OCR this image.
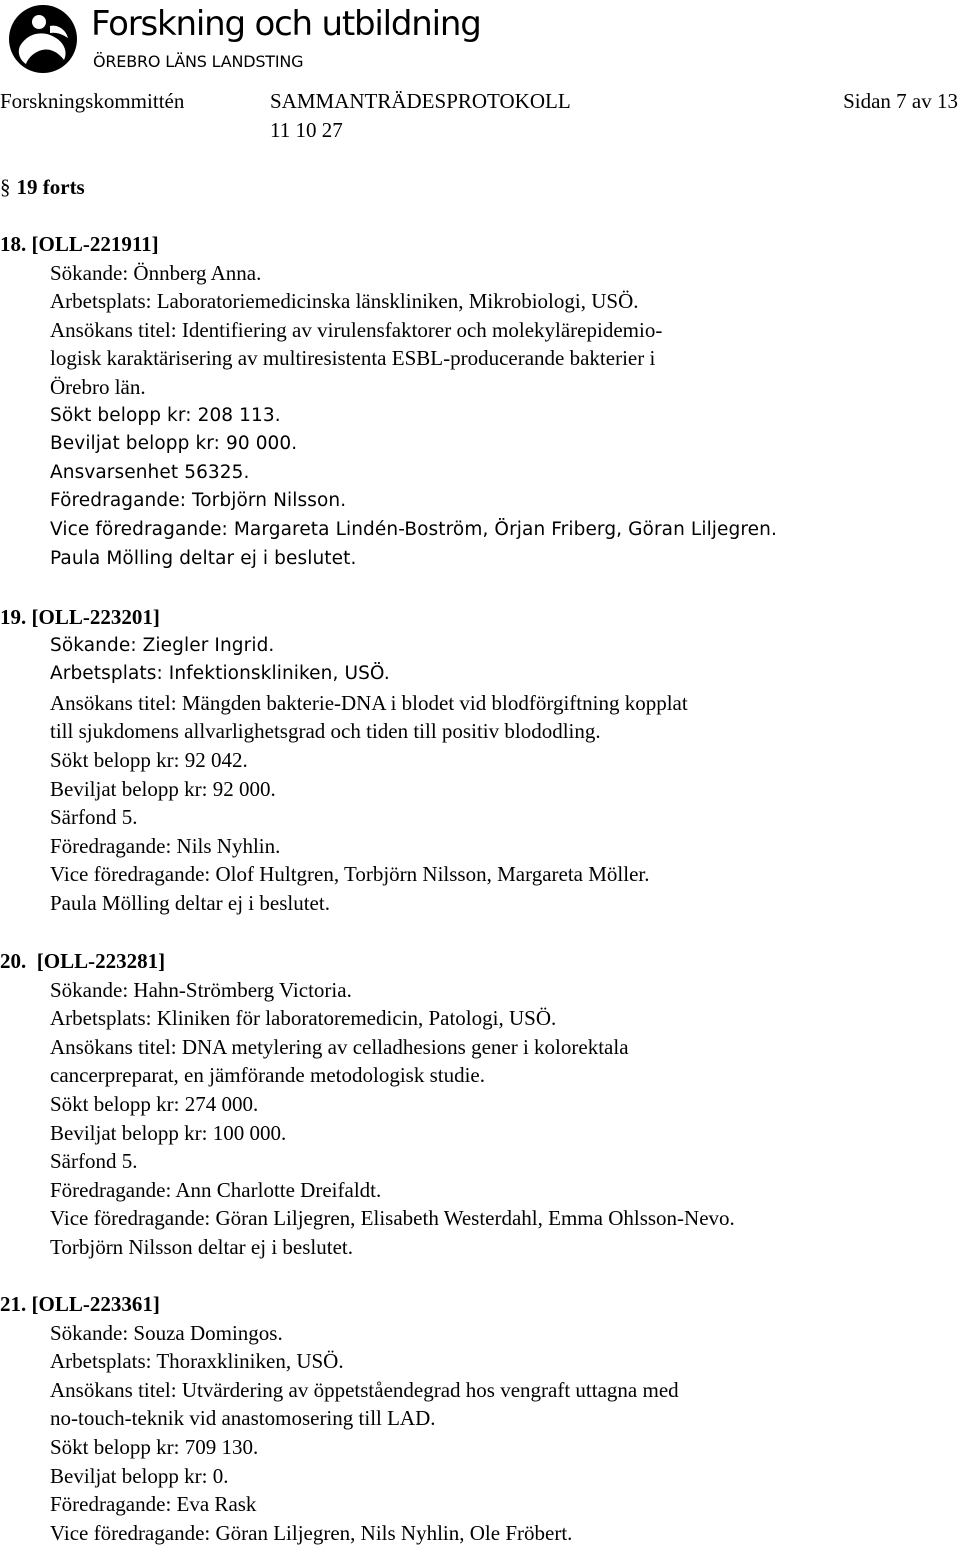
Forskning och utbildning
ÖREBRO LÄNS LANDSTING
Forskningskommittén	SAMMANTRÄDESPROTOKOLL	Sidan 7 av 13
11 10 27
§ 19 forts
18. [OLL-221911]
Sökande: Önnberg Anna.
Arbetsplats: Laboratoriemedicinska länskliniken, Mikrobiologi, USÖ.
Ansökans titel: Identifiering av virulensfaktorer och molekylärepidemio-
logisk karaktärisering av multiresistenta ESBL-producerande bakterier i
Örebro län.
Sökt belopp kr: 208 113.
Beviljat belopp kr: 90 000.
Ansvarsenhet 56325.
Föredragande: Torbjörn Nilsson.
Vice föredragande: Margareta Lindén-Boström, Örjan Friberg, Göran Liljegren.
Paula Mölling deltar ej i beslutet.
19. [OLL-223201]
Sökande: Ziegler Ingrid.
Arbetsplats: Infektionskliniken, USÖ.
Ansökans titel: Mängden bakterie-DNA i blodet vid blodförgiftning kopplat
till sjukdomens allvarlighetsgrad och tiden till positiv blododling.
Sökt belopp kr: 92 042.
Beviljat belopp kr: 92 000.
Särfond 5.
Föredragande: Nils Nyhlin.
Vice föredragande: Olof Hultgren, Torbjörn Nilsson, Margareta Möller.
Paula Mölling deltar ej i beslutet.
20.  [OLL-223281]
Sökande: Hahn-Strömberg Victoria.
Arbetsplats: Kliniken för laboratoremedicin, Patologi, USÖ.
Ansökans titel: DNA metylering av celladhesions gener i kolorektala
cancerpreparat, en jämförande metodologisk studie.
Sökt belopp kr: 274 000.
Beviljat belopp kr: 100 000.
Särfond 5.
Föredragande: Ann Charlotte Dreifaldt.
Vice föredragande: Göran Liljegren, Elisabeth Westerdahl, Emma Ohlsson-Nevo.
Torbjörn Nilsson deltar ej i beslutet.
21. [OLL-223361]
Sökande: Souza Domingos.
Arbetsplats: Thoraxkliniken, USÖ.
Ansökans titel: Utvärdering av öppetståendegrad hos vengraft uttagna med
no-touch-teknik vid anastomosering till LAD.
Sökt belopp kr: 709 130.
Beviljat belopp kr: 0.
Föredragande: Eva Rask
Vice föredragande: Göran Liljegren, Nils Nyhlin, Ole Fröbert.
